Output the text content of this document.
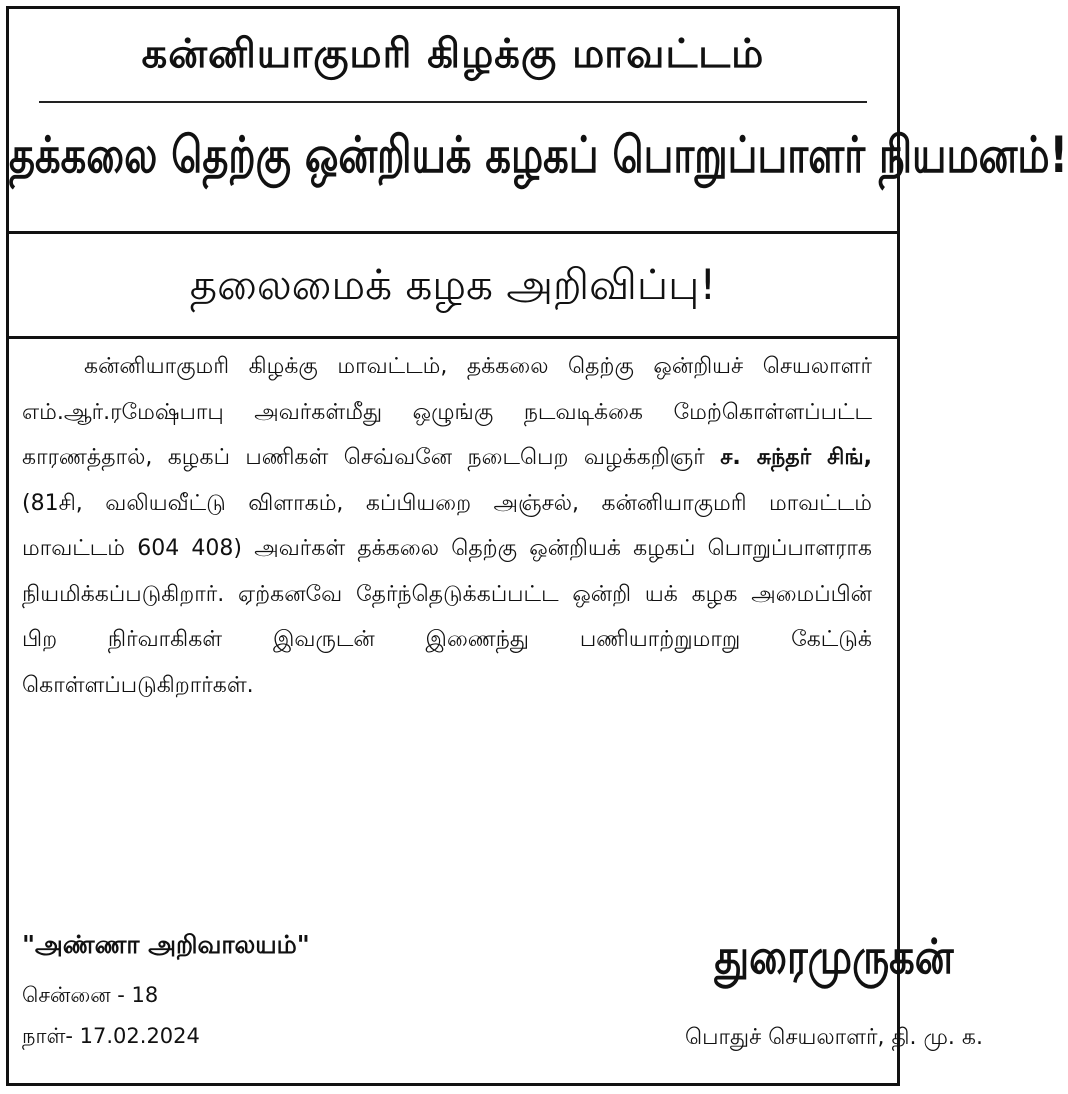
கன்னியாகுமரி கிழக்கு மாவட்டம்
தக்கலை தெற்கு ஒன்றியக் கழகப் பொறுப்பாளர் நியமனம்!
தலைமைக் கழக அறிவிப்பு!

கன்னியாகுமரி கிழக்கு மாவட்டம், தக்கலை தெற்கு ஒன்றியச் செயலாளர் எம்.ஆர்.ரமேஷ்பாபு அவர்கள்மீது ஒழுங்கு நடவடிக்கை மேற்கொள்ளப்பட்ட காரணத்தால், கழகப் பணிகள் செவ்வனே நடைபெற வழக்கறிஞர் ச. சுந்தர் சிங், (81சி, வலியவீட்டு விளாகம், கப்பியறை அஞ்சல், கன்னியாகுமரி மாவட்டம் மாவட்டம் 604 408) அவர்கள் தக்கலை தெற்கு ஒன்றியக் கழகப் பொறுப்பாளராக நியமிக்கப்படுகிறார். ஏற்கனவே தேர்ந்தெடுக்கப்பட்ட ஒன்றி யக் கழக அமைப்பின் பிற நிர்வாகிகள் இவருடன் இணைந்து பணியாற்றுமாறு கேட்டுக் கொள்ளப்படுகிறார்கள்.

"அண்ணா அறிவாலயம்"
சென்னை - 18
நாள்- 17.02.2024
துரைமுருகன்
பொதுச் செயலாளர், தி. மு. க.
